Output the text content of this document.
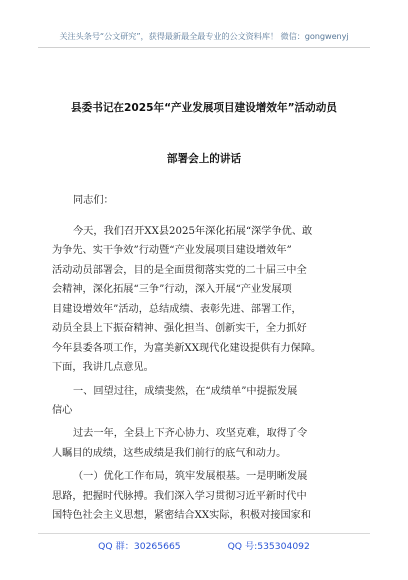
关注头条号“公文研究”，获得最新最全最专业的公文资料库！ 微信：gongwenyj
县委书记在2025年“产业发展项目建设增效年”活动动员
部署会上的讲话
同志们：
今天，我们召开XX县2025年深化拓展“深学争优、敢
为争先、实干争效”行动暨“产业发展项目建设增效年”
活动动员部署会，目的是全面贯彻落实党的二十届三中全
会精神，深化拓展“三争”行动，深入开展“产业发展项
目建设增效年”活动，总结成绩、表彰先进、部署工作，
动员全县上下振奋精神、强化担当、创新实干，全力抓好
今年县委各项工作，为富美新XX现代化建设提供有力保障。
下面，我讲几点意见。
一、回望过往，成绩斐然，在“成绩单”中提振发展
信心
过去一年，全县上下齐心协力、攻坚克难，取得了令
人瞩目的成绩，这些成绩是我们前行的底气和动力。
（一）优化工作布局，筑牢发展根基。一是明晰发展
思路，把握时代脉搏。我们深入学习贯彻习近平新时代中
国特色社会主义思想，紧密结合XX实际，积极对接国家和
QQ 群：30265665	QQ 号:535304092
